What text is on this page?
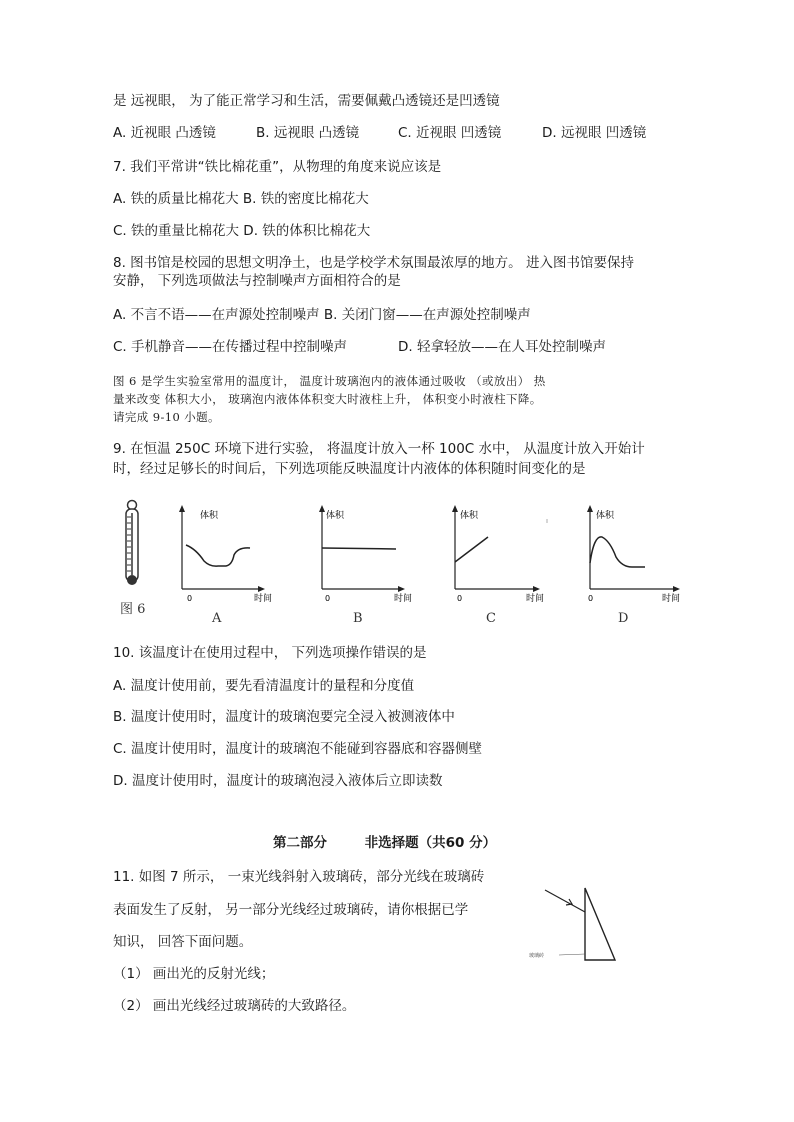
是 远视眼， 为了能正常学习和生活，需要佩戴凸透镜还是凹透镜
A. 近视眼 凸透镜	B. 远视眼 凸透镜	C. 近视眼 凹透镜	D. 远视眼 凹透镜
7. 我们平常讲“铁比棉花重”，从物理的角度来说应该是
A. 铁的质量比棉花大 B. 铁的密度比棉花大
C. 铁的重量比棉花大 D. 铁的体积比棉花大
8. 图书馆是校园的思想文明净土，也是学校学术氛围最浓厚的地方。 进入图书馆要保持
安静， 下列选项做法与控制噪声方面相符合的是
A. 不言不语——在声源处控制噪声 B. 关闭门窗——在声源处控制噪声
C. 手机静音——在传播过程中控制噪声	D. 轻拿轻放——在人耳处控制噪声
图 6 是学生实验室常用的温度计， 温度计玻璃泡内的液体通过吸收 （或放出） 热
量来改变 体积大小， 玻璃泡内液体体积变大时液柱上升， 体积变小时液柱下降。
请完成 9-10 小题。
9. 在恒温 250C 环境下进行实验， 将温度计放入一杯 100C 水中， 从温度计放入开始计
时，经过足够长的时间后，下列选项能反映温度计内液体的体积随时间变化的是
体积
0	时间
体积
0	时间
体积
0	时间
体积
0	时间
图 6
A	B	C	D
10. 该温度计在使用过程中， 下列选项操作错误的是
A. 温度计使用前，要先看清温度计的量程和分度值
B. 温度计使用时，温度计的玻璃泡要完全浸入被测液体中
C. 温度计使用时，温度计的玻璃泡不能碰到容器底和容器侧壁
D. 温度计使用时，温度计的玻璃泡浸入液体后立即读数
第二部分        非选择题（共60 分）
11. 如图 7 所示， 一束光线斜射入玻璃砖，部分光线在玻璃砖
表面发生了反射， 另一部分光线经过玻璃砖，请你根据已学
知识， 回答下面问题。
（1） 画出光的反射光线；
（2） 画出光线经过玻璃砖的大致路径。
玻璃砖
